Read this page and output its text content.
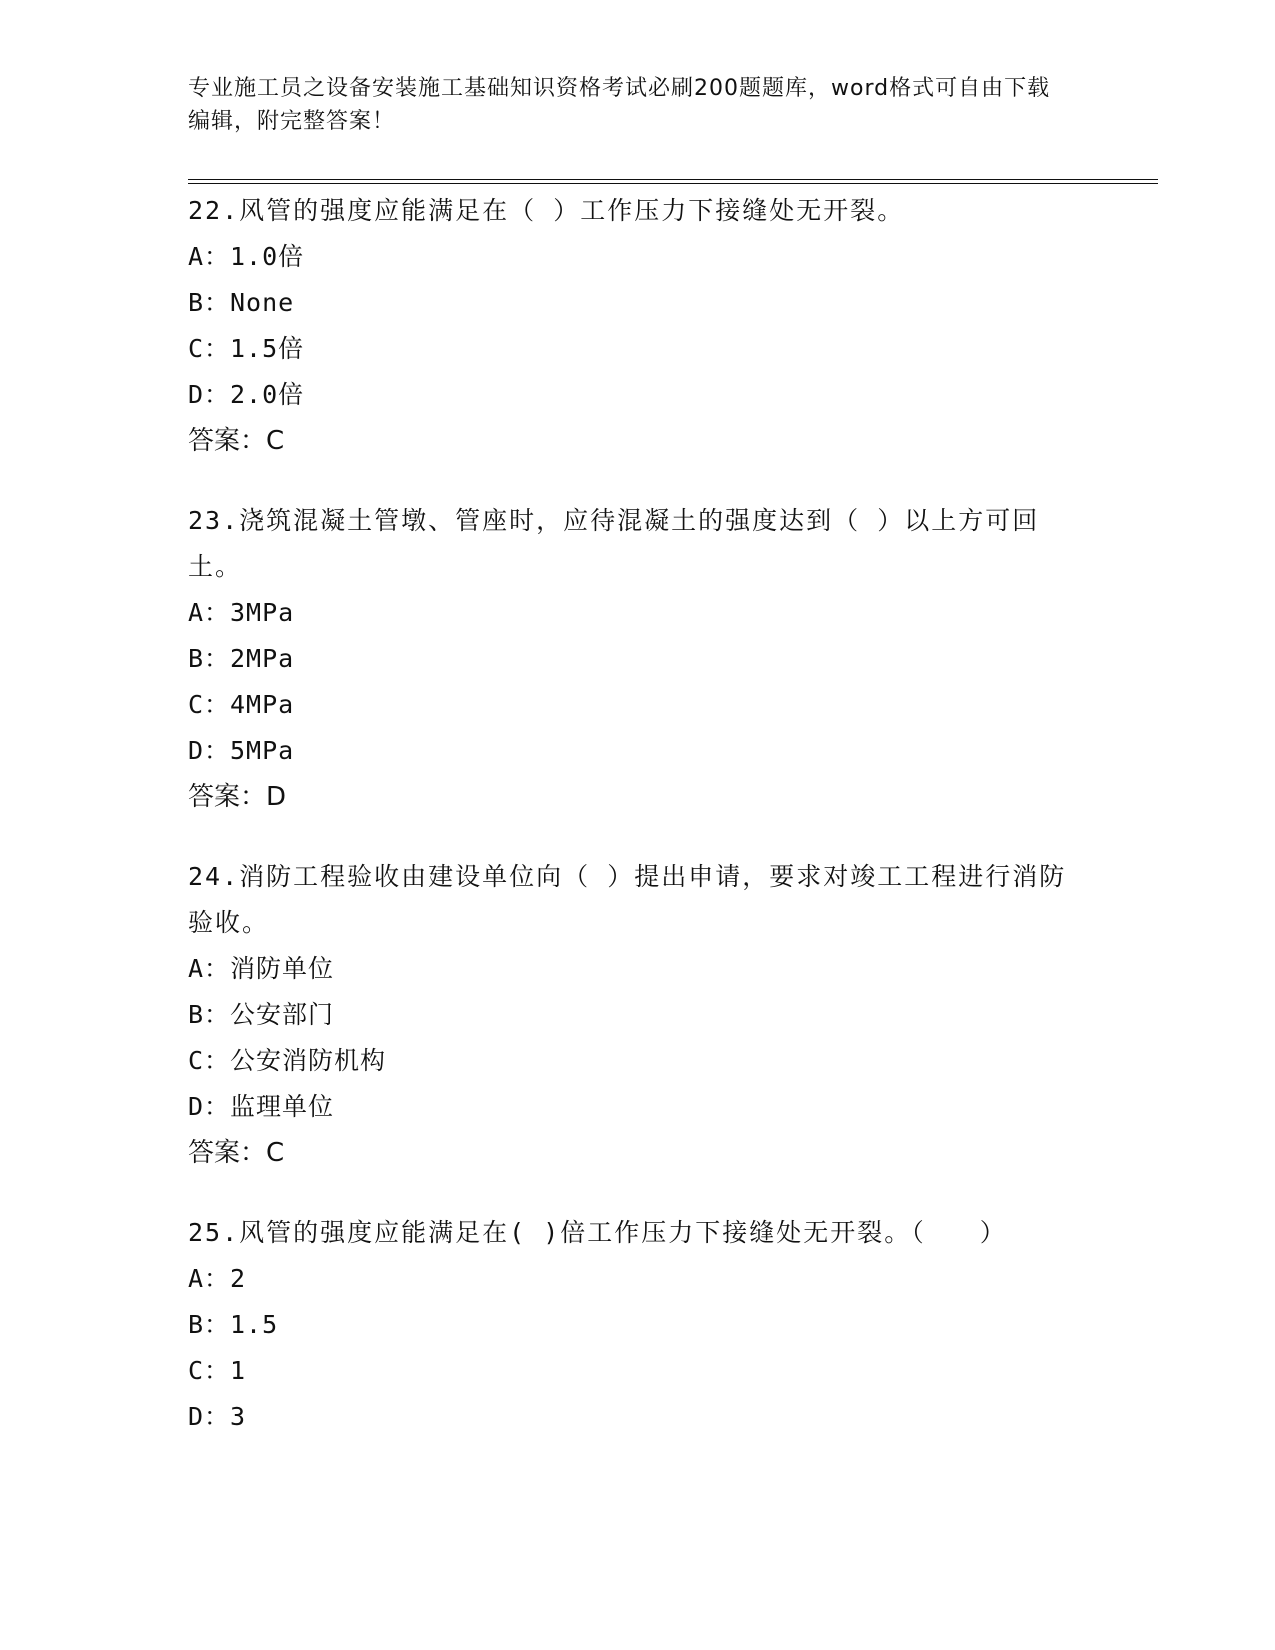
专业施工员之设备安装施工基础知识资格考试必刷200题题库，word格式可自由下载编辑，附完整答案！

22.风管的强度应能满足在（ ）工作压力下接缝处无开裂。

A：1.0倍

B：None

C：1.5倍

D：2.0倍

答案：C

23.浇筑混凝土管墩、管座时，应待混凝土的强度达到（ ）以上方可回土。

A：3MPa

B：2MPa

C：4MPa

D：5MPa

答案：D

24.消防工程验收由建设单位向（ ）提出申请，要求对竣工工程进行消防验收。

A：消防单位

B：公安部门

C：公安消防机构

D：监理单位

答案：C

25.风管的强度应能满足在( )倍工作压力下接缝处无开裂。（　　）

A：2

B：1.5

C：1

D：3
